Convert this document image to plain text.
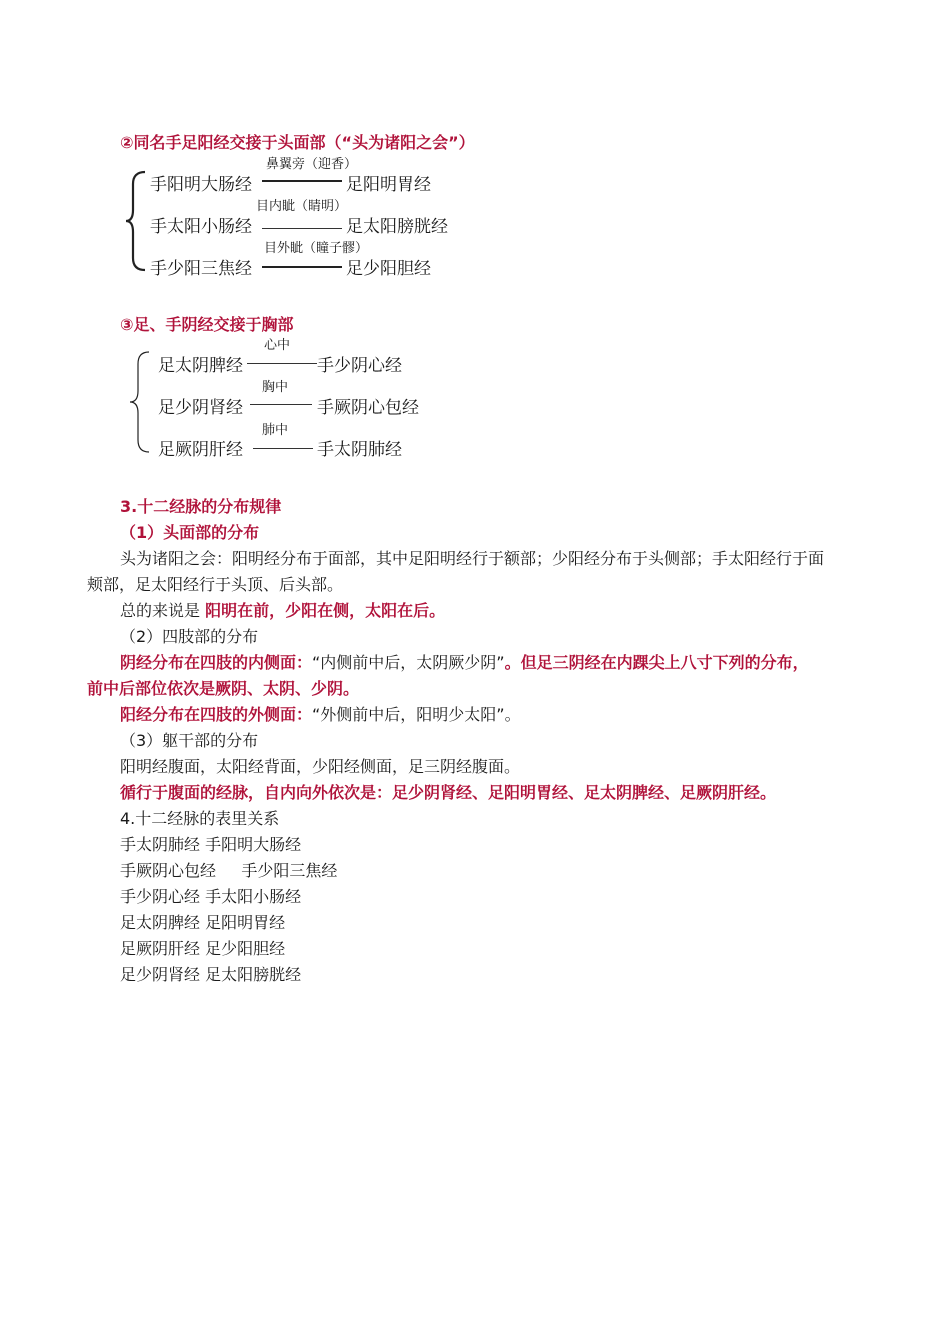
②同名手足阳经交接于头面部（“头为诸阳之会”）
鼻翼旁（迎香）
手阳明大肠经	足阳明胃经
目内眦（睛明）
手太阳小肠经	足太阳膀胱经
目外眦（瞳子髎）
手少阳三焦经	足少阳胆经
③足、手阴经交接于胸部
心中
足太阴脾经	手少阴心经
胸中
足少阴肾经	手厥阴心包经
肺中
足厥阴肝经	手太阴肺经
3.十二经脉的分布规律
（1）头面部的分布
头为诸阳之会：阳明经分布于面部，其中足阳明经行于额部；少阳经分布于头侧部；手太阳经行于面
颊部，足太阳经行于头顶、后头部。
总的来说是 阳明在前，少阳在侧，太阳在后。
（2）四肢部的分布
阴经分布在四肢的内侧面：“内侧前中后，太阴厥少阴”。但足三阴经在内踝尖上八寸下列的分布，
前中后部位依次是厥阴、太阴、少阴。
阳经分布在四肢的外侧面：“外侧前中后，阳明少太阳”。
（3）躯干部的分布
阳明经腹面，太阳经背面，少阳经侧面，足三阴经腹面。
循行于腹面的经脉，自内向外依次是：足少阴肾经、足阳明胃经、足太阴脾经、足厥阴肝经。
4.十二经脉的表里关系
手太阴肺经 手阳明大肠经
手厥阴心包经     手少阳三焦经
手少阴心经 手太阳小肠经
足太阴脾经 足阳明胃经
足厥阴肝经 足少阳胆经
足少阴肾经 足太阳膀胱经
